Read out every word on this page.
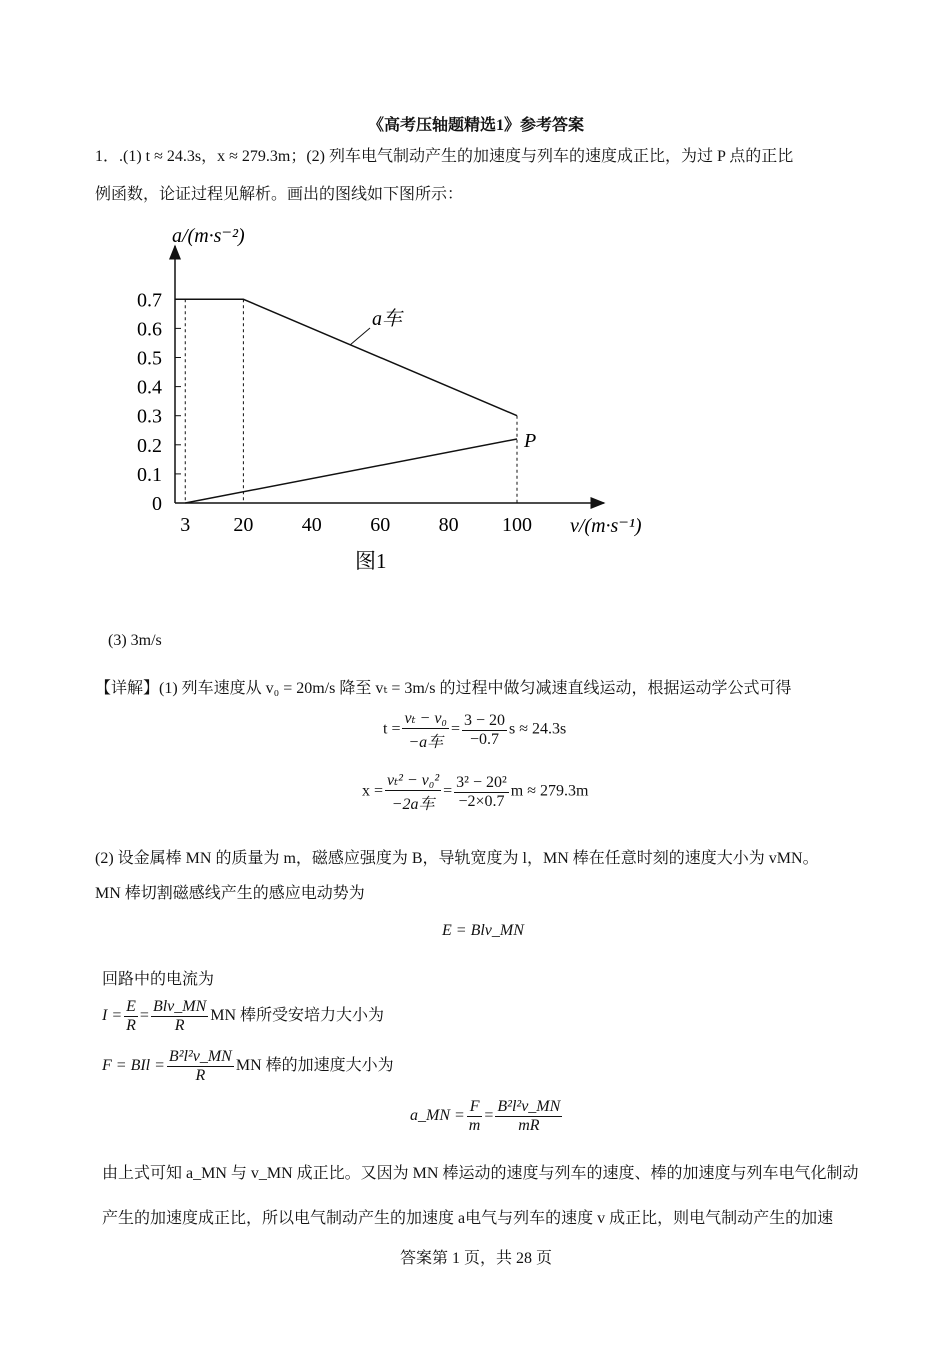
《高考压轴题精选1》参考答案
1．.(1) t ≈ 24.3s，x ≈ 279.3m；(2) 列车电气制动产生的加速度与列车的速度成正比，为过 P 点的正比
例函数，论证过程见解析。画出的图线如下图所示：
0
0.1
0.2
0.3
0.4
0.5
0.6
0.7
3 20 40 60 80 100
a/(m·s⁻²)
v/(m·s⁻¹)
a车
P
图1
(3) 3m/s
【详解】(1) 列车速度从 v₀ = 20m/s 降至 vₜ = 3m/s 的过程中做匀减速直线运动，根据运动学公式可得
$t = \frac{\text{vₜ − v₀}}{\text{−a车}} = \frac{3 - 20}{-0.7}$ s ≈ 24.3s
$x = \frac{\text{vₜ² − v₀²}}{\text{−2a车}} = \frac{\text{3² − 20²}}{-2\times 0.7}$ m ≈ 279.3m
(2) 设金属棒 MN 的质量为 m，磁感应强度为 B，导轨宽度为 l，MN 棒在任意时刻的速度大小为 vMN。
MN 棒切割磁感线产生的感应电动势为
E = Blv_MN
回路中的电流为
$I = \frac{E}{R} = \frac{\text{Blv\_MN}}{R}$ MN 棒所受安培力大小为
F = BIl = $\frac{\text{B²l²v\_MN}}{R}$ MN 棒的加速度大小为
a_MN = $\frac{F}{m} = \frac{\text{B²l²v\_MN}}{mR}$
由上式可知 a_MN 与 v_MN 成正比。又因为 MN 棒运动的速度与列车的速度、棒的加速度与列车电气化制动
产生的加速度成正比，所以电气制动产生的加速度 a电气与列车的速度 v 成正比，则电气制动产生的加速
答案第 1 页，共 28 页
